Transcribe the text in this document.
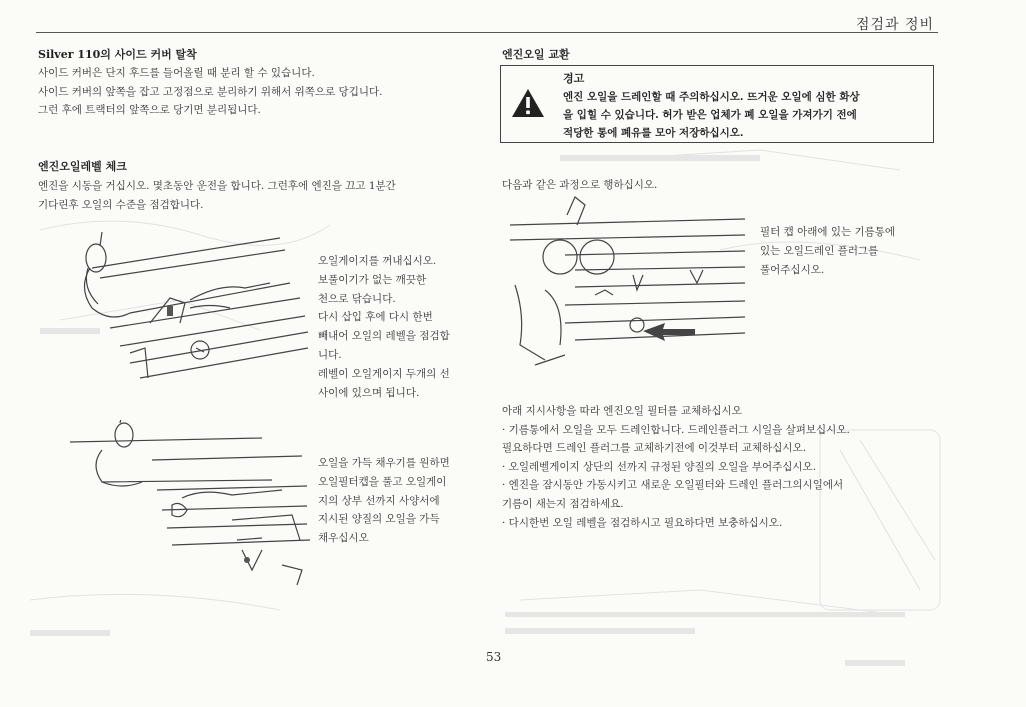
점검과 정비
Silver 110의 사이드 커버 탈착

사이드 커버은 단지 후드를 들어올릴 때 분리 할 수 있습니다.

사이드 커버의 앞쪽을 잡고 고정점으로 분리하기 위해서 위쪽으로 당깁니다.

그런 후에 트랙터의 앞쪽으로 당기면 분리됩니다.

엔진오일레벨 체크

엔진을 시동을 거십시오. 몇초동안 운전을 합니다. 그런후에 엔진을 끄고 1분간

기다린후 오일의 수준을 점검합니다.

오일게이지를 꺼내십시오.

보풀이기가 없는 깨끗한

천으로 닦습니다.

다시 삽입 후에 다시 한번

빼내어 오일의 레벨을 점검합

니다.

레벨이 오일게이지 두개의 선

사이에 있으며 됩니다.

오일을 가득 채우기를 원하면

오일필터캡을 풀고 오일게이

지의 상부 선까지 사양서에

지시된 양질의 오일을 가득

채우십시오

엔진오일 교환
경고
엔진 오일을 드레인할 때 주의하십시오. 뜨거운 오일에 심한 화상
을 입힐 수 있습니다. 허가 받은 업체가 폐 오일을 가져가기 전에
적당한 통에 폐유를 모아 저장하십시오.
다음과 같은 과정으로 행하십시오.

필터 캡 아래에 있는 기름통에

있는 오일드레인 플러그를

풀어주십시오.

아래 지시사항을 따라 엔진오일 필터를 교체하십시오

· 기름통에서 오일을 모두 드레인합니다. 드레인플러그 시일을 살펴보십시오.

필요하다면 드레인 플러그를 교체하기전에 이것부터 교체하십시오.

· 오일레벨게이지 상단의 선까지 규정된 양질의 오일을 부어주십시오.

· 엔진을 잠시동안 가동시키고 새로운 오일필터와 드레인 플러그의시일에서

기름이 새는지 점검하세요.

· 다시한번 오일 레벨을 점검하시고 필요하다면 보충하십시오.

53
